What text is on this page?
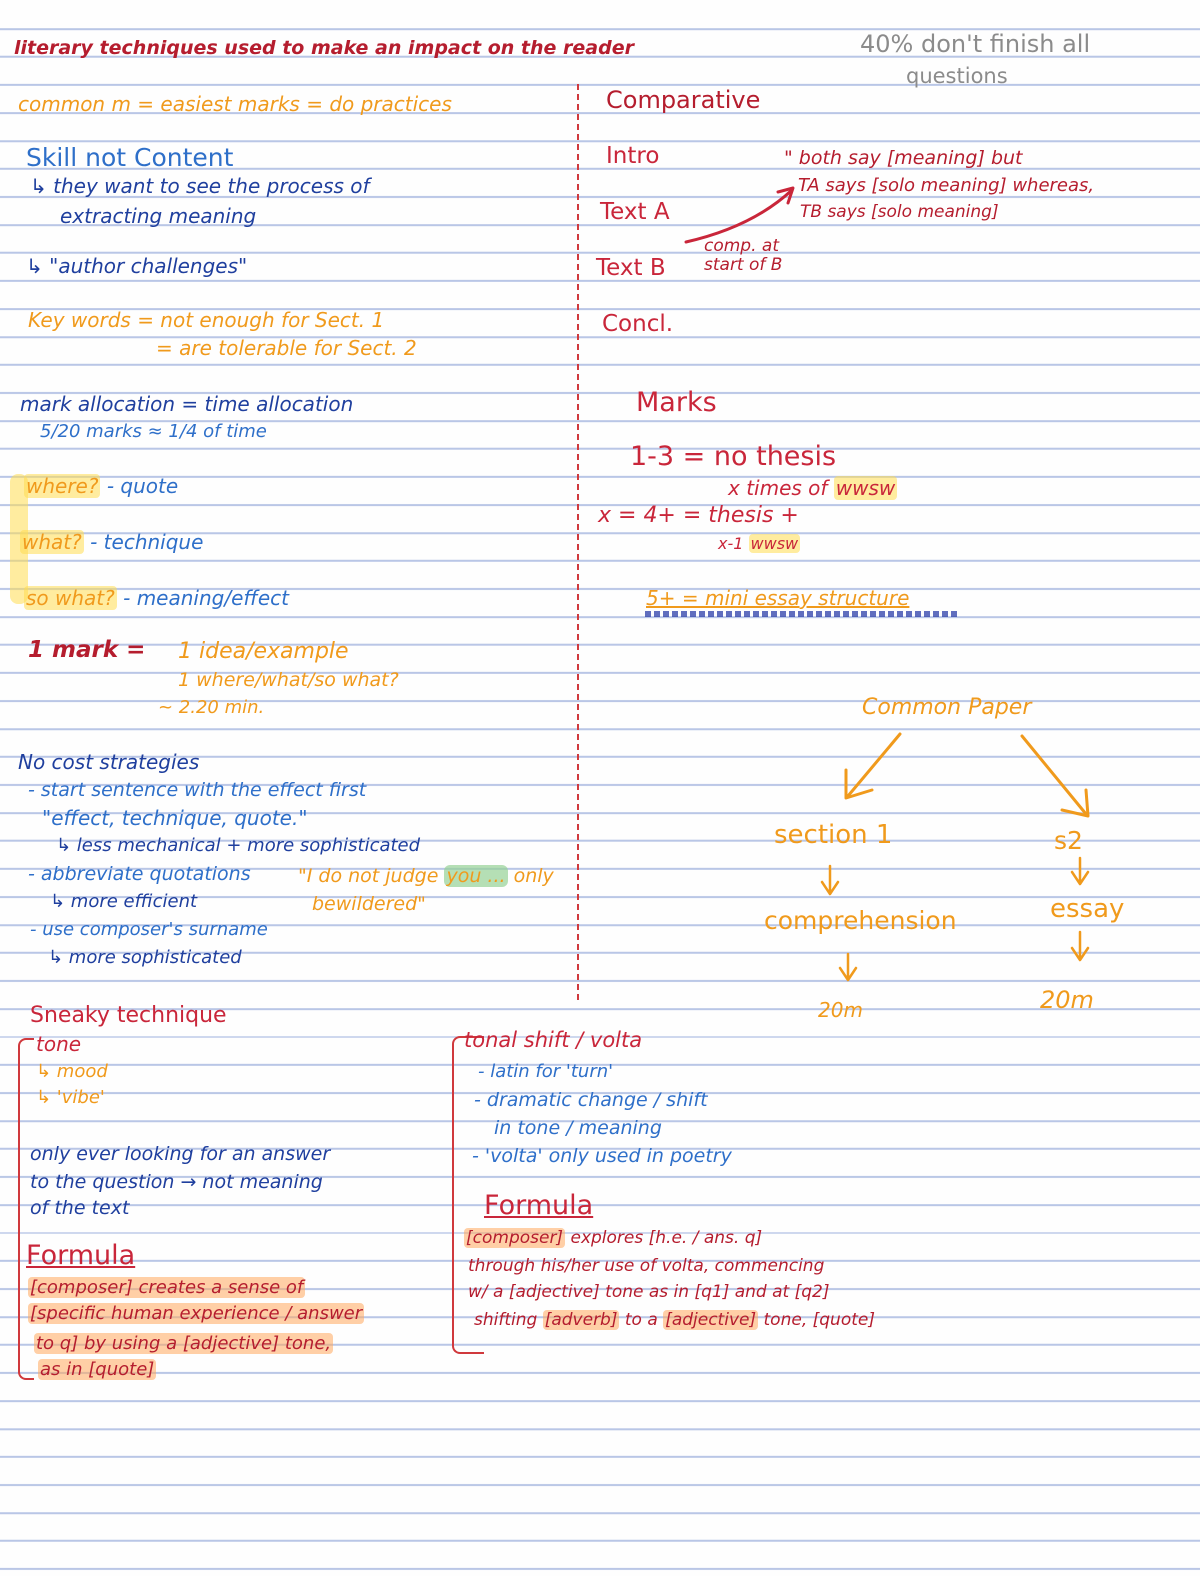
literary techniques used to make an impact on the reader	40% don't finish all
questions
common m = easiest marks = do practices
Skill not Content
↳ they want to see the process of
extracting meaning
↳ "author challenges"
Key words = not enough for Sect. 1
= are tolerable for Sect. 2
mark allocation = time allocation
5/20 marks ≈ 1/4 of time
where? - quote
what? - technique
so what? - meaning/effect
1 mark = 1 idea/example
1 where/what/so what?
~ 2.20 min.
No cost strategies
- start sentence with the effect first
"effect, technique, quote."
↳ less mechanical + more sophisticated
- abbreviate quotations "I do not judge you ... only
bewildered"
↳ more efficient
- use composer's surname
↳ more sophisticated
Comparative
Intro
Text A
Text B
Concl.
" both say [meaning] but
TA says [solo meaning] whereas,
TB says [solo meaning]
comp. at
start of B
Marks
1-3 = no thesis
x times of wwsw
x = 4+ = thesis +
x-1 wwsw
5+ = mini essay structure
Common Paper
section 1
comprehension
20m
s2
essay
20m
Sneaky technique
tone
↳ mood
↳ 'vibe'
only ever looking for an answer
to the question → not meaning
of the text
Formula
[composer] creates a sense of
[specific human experience / answer
to q] by using a [adjective] tone,
as in [quote]
tonal shift / volta
- latin for 'turn'
- dramatic change / shift
in tone / meaning
- 'volta' only used in poetry
Formula
[composer] explores [h.e. / ans. q]
through his/her use of volta, commencing
w/ a [adjective] tone as in [q1] and at [q2]
shifting [adverb] to a [adjective] tone, [quote]
